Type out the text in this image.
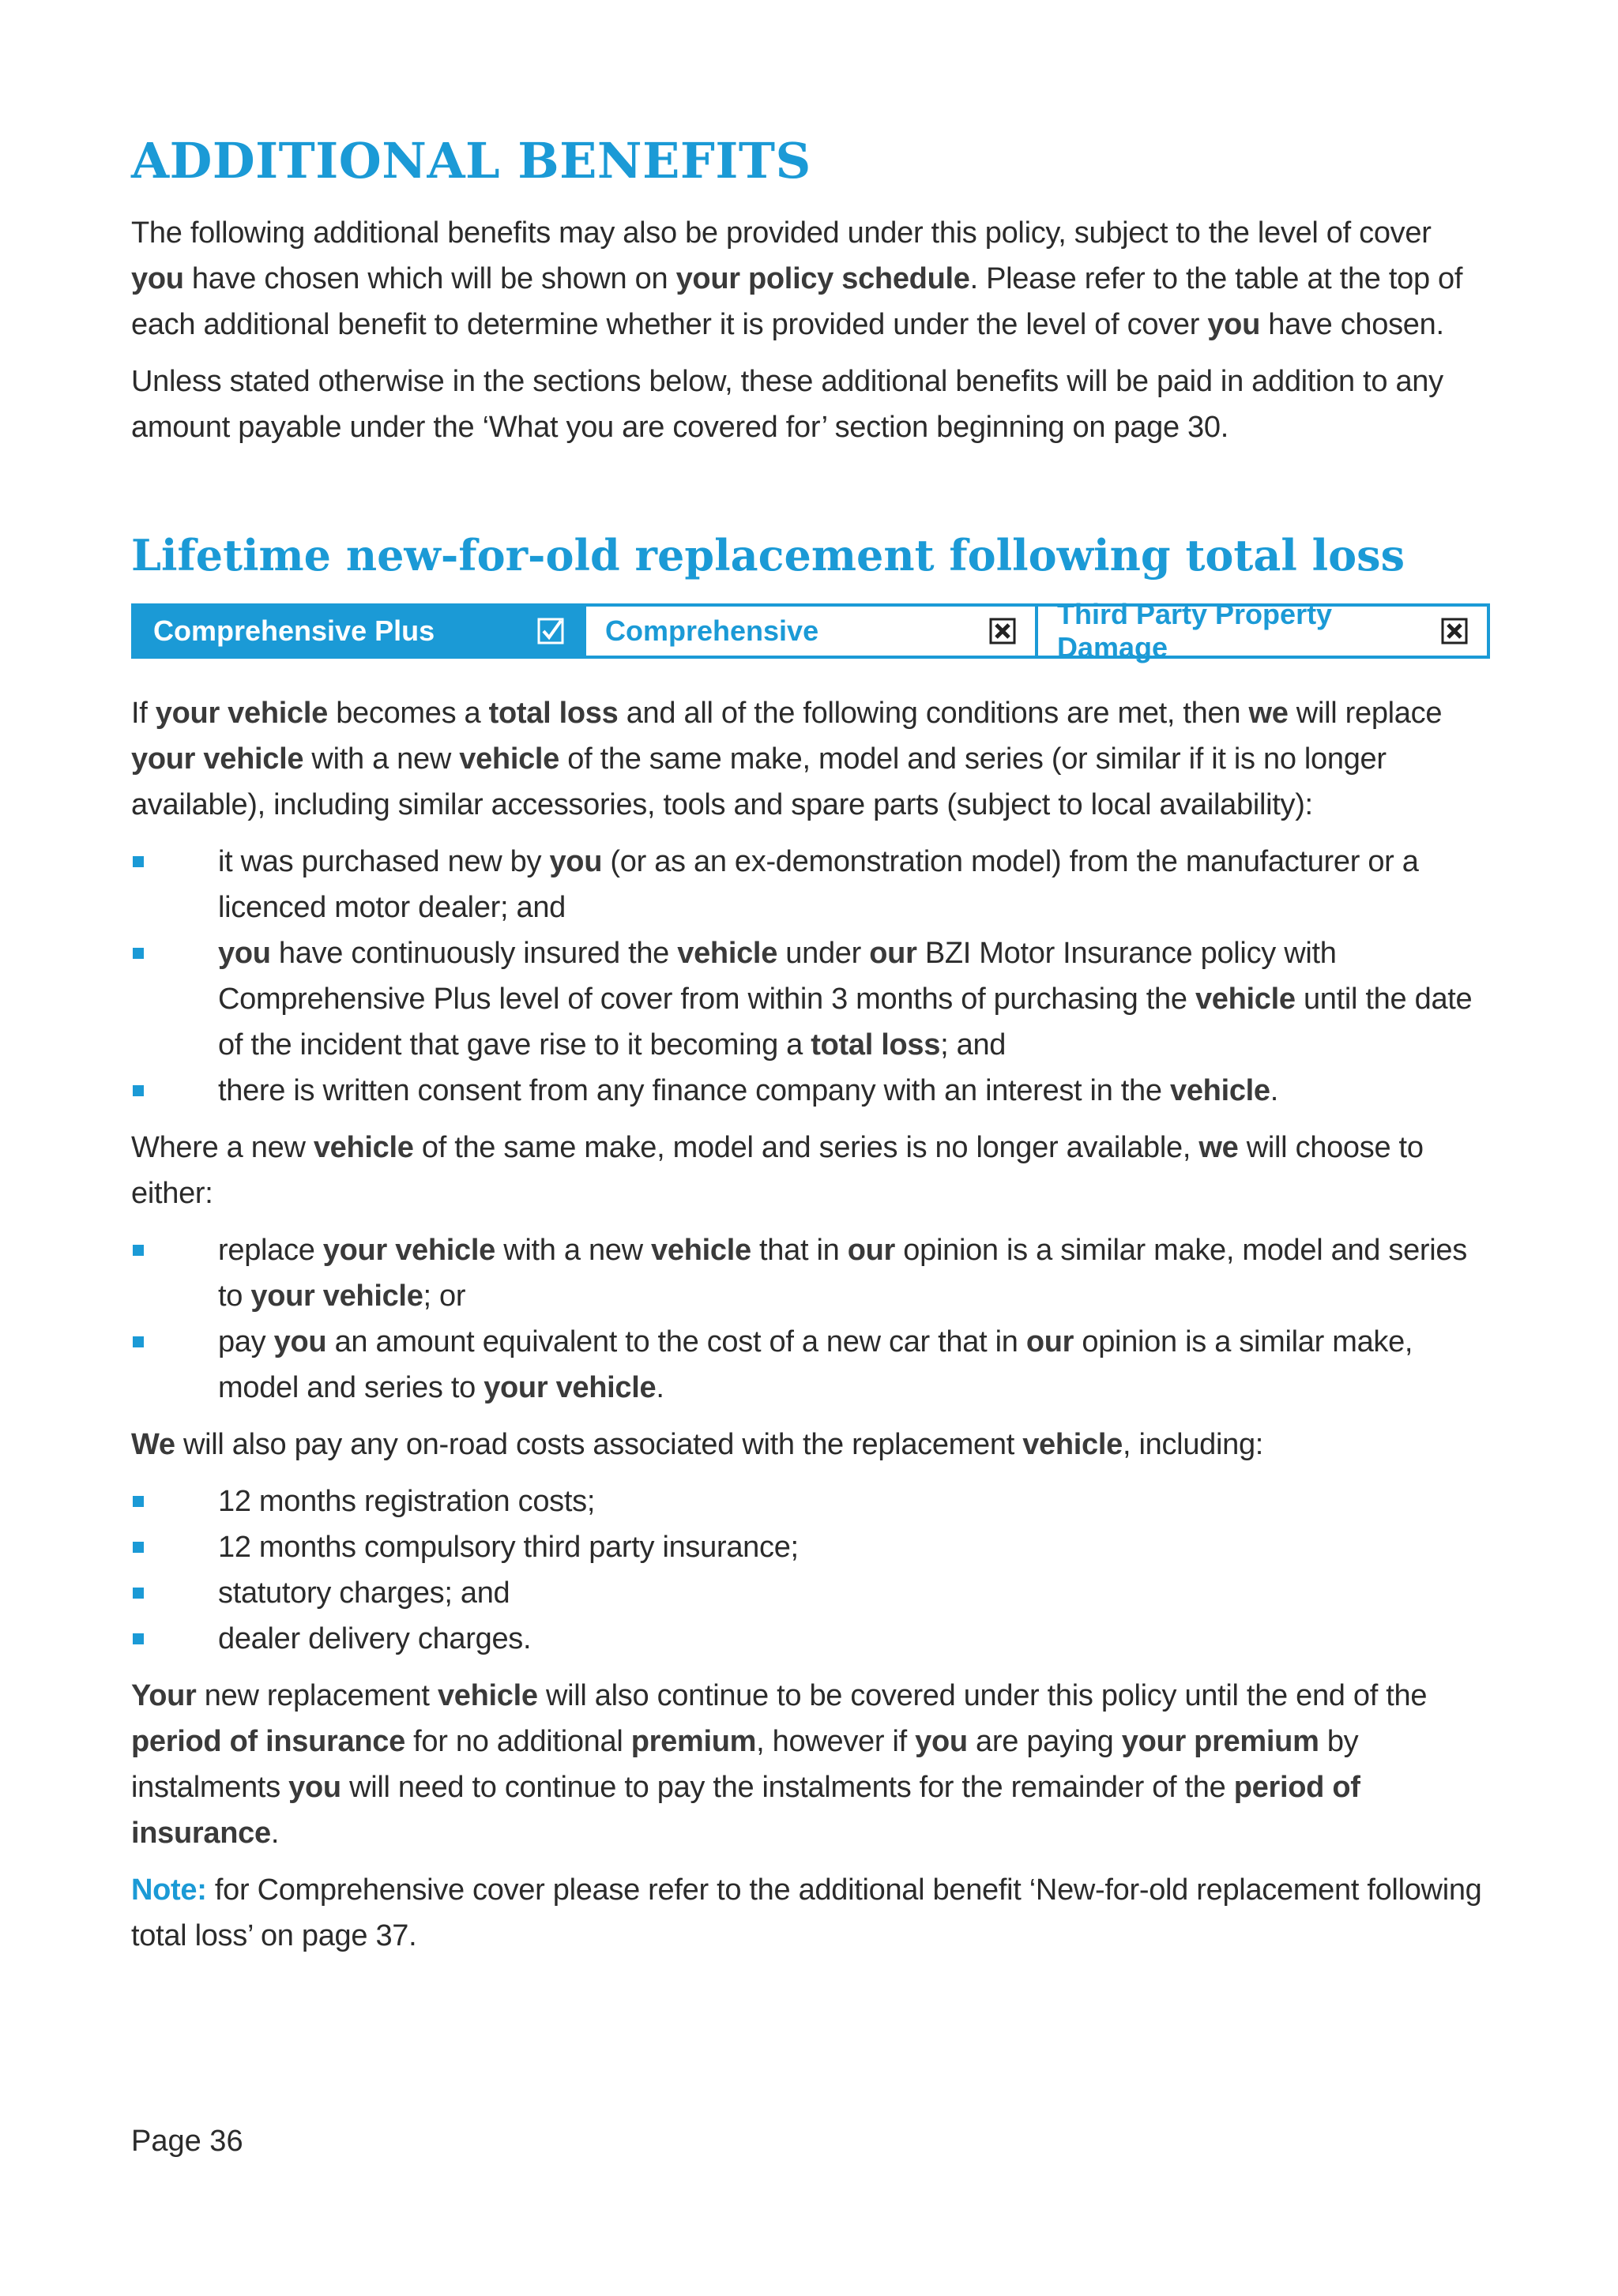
ADDITIONAL BENEFITS

The following additional benefits may also be provided under this policy, subject to the level of cover you have chosen which will be shown on your policy schedule. Please refer to the table at the top of each additional benefit to determine whether it is provided under the level of cover you have chosen.

Unless stated otherwise in the sections below, these additional benefits will be paid in addition to any amount payable under the ‘What you are covered for’ section beginning on page 30.

Lifetime new-for-old replacement following total loss
Comprehensive Plus	Comprehensive
Third Party Property Damage

If your vehicle becomes a total loss and all of the following conditions are met, then we will replace your vehicle with a new vehicle of the same make, model and series (or similar if it is no longer available), including similar accessories, tools and spare parts (subject to local availability):

it was purchased new by you (or as an ex-demonstration model) from the manufacturer or a licenced motor dealer; and
you have continuously insured the vehicle under our BZI Motor Insurance policy with Comprehensive Plus level of cover from within 3 months of purchasing the vehicle until the date of the incident that gave rise to it becoming a total loss; and
there is written consent from any finance company with an interest in the vehicle.

Where a new vehicle of the same make, model and series is no longer available, we will choose to either:

replace your vehicle with a new vehicle that in our opinion is a similar make, model and series to your vehicle; or
pay you an amount equivalent to the cost of a new car that in our opinion is a similar make, model and series to your vehicle.

We will also pay any on-road costs associated with the replacement vehicle, including:

12 months registration costs;
12 months compulsory third party insurance;
statutory charges; and
dealer delivery charges.

Your new replacement vehicle will also continue to be covered under this policy until the end of the period of insurance for no additional premium, however if you are paying your premium by instalments you will need to continue to pay the instalments for the remainder of the period of insurance.

Note: for Comprehensive cover please refer to the additional benefit ‘New-for-old replacement following total loss’ on page 37.

Page 36
